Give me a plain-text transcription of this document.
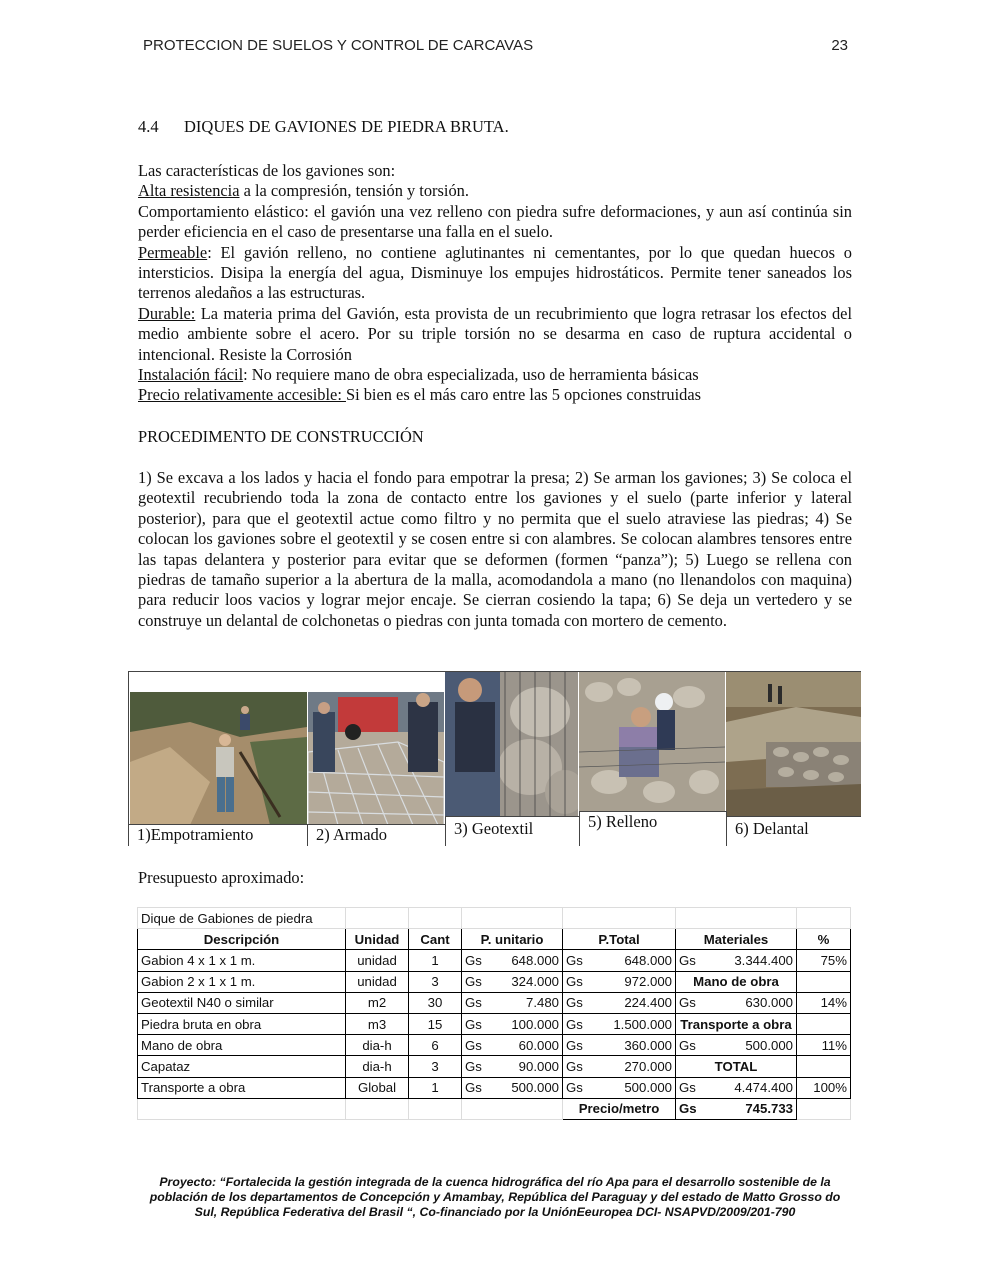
PROTECCION DE SUELOS Y CONTROL DE CARCAVAS	23
4.4 DIQUES DE GAVIONES DE PIEDRA BRUTA.

Las características de los gaviones son:

Alta resistencia a la compresión, tensión y torsión.

Comportamiento elástico: el gavión una vez relleno con piedra sufre deformaciones, y aun así continúa sin perder eficiencia en el caso de presentarse una falla en el suelo.

Permeable: El gavión relleno, no contiene aglutinantes ni cementantes, por lo que quedan huecos o intersticios. Disipa la energía del agua, Disminuye los empujes hidrostáticos. Permite tener saneados los terrenos aledaños a las estructuras.

Durable: La materia prima del Gavión, esta provista de un recubrimiento que logra retrasar los efectos del medio ambiente sobre el acero. Por su triple torsión no se desarma en caso de ruptura accidental o intencional. Resiste la Corrosión

Instalación fácil: No requiere mano de obra especializada, uso de herramienta básicas

Precio relativamente accesible: Si bien es el más caro entre las 5 opciones construidas

PROCEDIMENTO DE CONSTRUCCIÓN

1) Se excava a los lados y hacia el fondo para empotrar la presa; 2) Se arman los gaviones; 3) Se coloca el geotextil recubriendo toda la zona de contacto entre los gaviones y el suelo (parte inferior y lateral posterior), para que el geotextil actue como filtro y no permita que el suelo atraviese las piedras; 4) Se colocan los gaviones sobre el geotextil y se cosen entre si con alambres. Se colocan alambres tensores entre las tapas delantera y posterior para evitar que se deformen (formen “panza”); 5) Luego se rellena con piedras de tamaño superior a la abertura de la malla, acomodandola a mano (no llenandolos con maquina) para reducir loos vacios y lograr mejor encaje. Se cierran cosiendo la tapa; 6) Se deja un vertedero y se construye un delantal de colchonetas o piedras con junta tomada con mortero de cemento.

1)Empotramiento	2) Armado	3) Geotextil	5) Relleno	6) Delantal
Presupuesto aproximado:
Dique de Gabiones de piedra						
Descripción	Unidad	Cant	P. unitario	P.Total	Materiales	%
Gabion 4 x 1 x 1 m.	unidad	1	Gs 648.000	Gs 648.000	Gs 3.344.400	75%
Gabion 2 x 1 x 1 m.	unidad	3	Gs 324.000	Gs 972.000	Mano de obra	
Geotextil N40 o similar	m2	30	Gs 7.480	Gs 224.400	Gs 630.000	14%
Piedra bruta en obra	m3	15	Gs 100.000	Gs 1.500.000	Transporte a obra	
Mano de obra	dia-h	6	Gs 60.000	Gs 360.000	Gs 500.000	11%
Capataz	dia-h	3	Gs 90.000	Gs 270.000	TOTAL	
Transporte a obra	Global	1	Gs 500.000	Gs 500.000	Gs 4.474.400	100%
				Precio/metro	Gs 745.733	

Proyecto: “Fortalecida la gestión integrada de la cuenca hidrográfica del río Apa para el desarrollo sostenible de la población de los departamentos de Concepción y Amambay, República del Paraguay y del estado de Matto Grosso do Sul, República Federativa del Brasil “, Co-financiado por la UniónEeuropea DCI- NSAPVD/2009/201-790
